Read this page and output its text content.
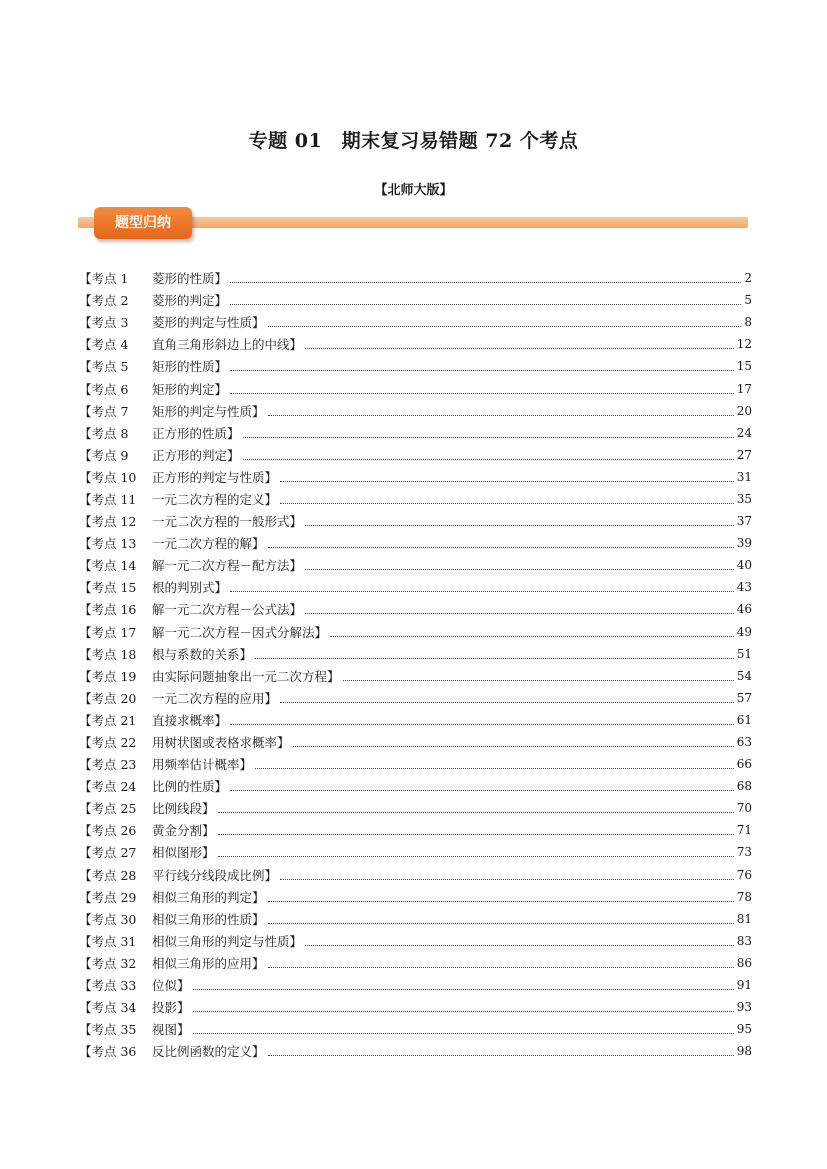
专题 01　期末复习易错题 72 个考点
【北师大版】
题型归纳
【考点 1	菱形的性质】	2
【考点 2	菱形的判定】	5
【考点 3	菱形的判定与性质】	8
【考点 4	直角三角形斜边上的中线】	12
【考点 5	矩形的性质】	15
【考点 6	矩形的判定】	17
【考点 7	矩形的判定与性质】	20
【考点 8	正方形的性质】	24
【考点 9	正方形的判定】	27
【考点 10	正方形的判定与性质】	31
【考点 11	一元二次方程的定义】	35
【考点 12	一元二次方程的一般形式】	37
【考点 13	一元二次方程的解】	39
【考点 14	解一元二次方程－配方法】	40
【考点 15	根的判别式】	43
【考点 16	解一元二次方程－公式法】	46
【考点 17	解一元二次方程－因式分解法】	49
【考点 18	根与系数的关系】	51
【考点 19	由实际问题抽象出一元二次方程】	54
【考点 20	一元二次方程的应用】	57
【考点 21	直接求概率】	61
【考点 22	用树状图或表格求概率】	63
【考点 23	用频率估计概率】	66
【考点 24	比例的性质】	68
【考点 25	比例线段】	70
【考点 26	黄金分割】	71
【考点 27	相似图形】	73
【考点 28	平行线分线段成比例】	76
【考点 29	相似三角形的判定】	78
【考点 30	相似三角形的性质】	81
【考点 31	相似三角形的判定与性质】	83
【考点 32	相似三角形的应用】	86
【考点 33	位似】	91
【考点 34	投影】	93
【考点 35	视图】	95
【考点 36	反比例函数的定义】	98
